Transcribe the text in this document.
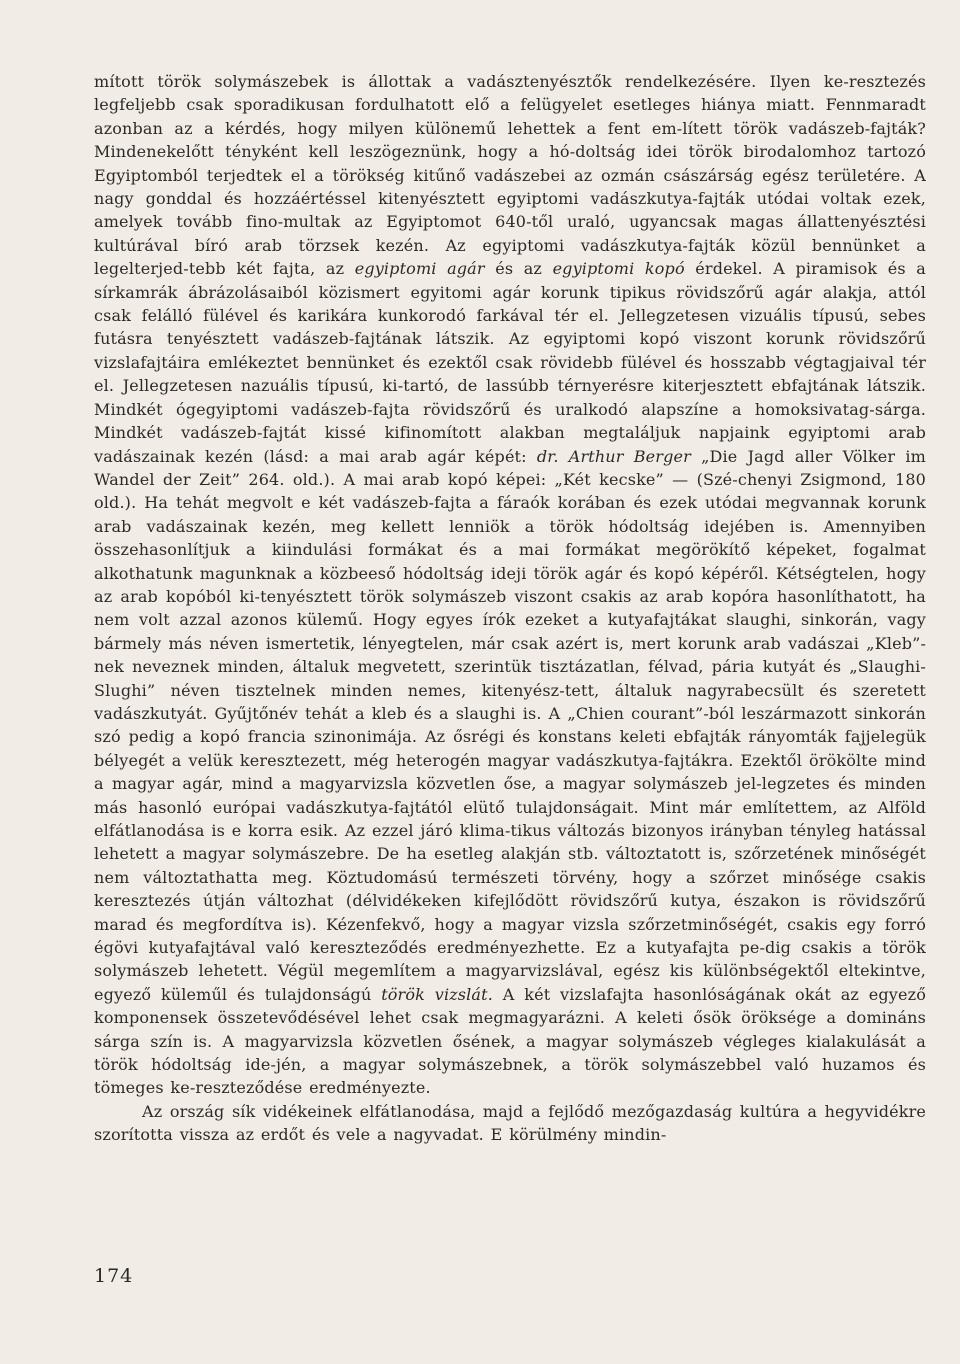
mított török solymászebek is állottak a vadásztenyésztők rendelkezésére. Ilyen ke-resztezés legfeljebb csak sporadikusan fordulhatott elő a felügyelet esetleges hiánya miatt. Fennmaradt azonban az a kérdés, hogy milyen különemű lehettek a fent em-lített török vadászeb-fajták? Mindenekelőtt tényként kell leszögeznünk, hogy a hó-doltság idei török birodalomhoz tartozó Egyiptomból terjedtek el a törökség kitűnő vadászebei az ozmán császárság egész területére. A nagy gonddal és hozzáértéssel kitenyésztett egyiptomi vadászkutya-fajták utódai voltak ezek, amelyek tovább fino-multak az Egyiptomot 640-től uraló, ugyancsak magas állattenyésztési kultúrával bíró arab törzsek kezén. Az egyiptomi vadászkutya-fajták közül bennünket a legelterjed-tebb két fajta, az egyiptomi agár és az egyiptomi kopó érdekel. A piramisok és a sírkamrák ábrázolásaiból közismert egyitomi agár korunk tipikus rövidszőrű agár alakja, attól csak felálló fülével és karikára kunkorodó farkával tér el. Jellegzetesen vizuális típusú, sebes futásra tenyésztett vadászeb-fajtának látszik. Az egyiptomi kopó viszont korunk rövidszőrű vizslafajtáira emlékeztet bennünket és ezektől csak rövidebb fülével és hosszabb végtagjaival tér el. Jellegzetesen nazuális típusú, ki-tartó, de lassúbb térnyerésre kiterjesztett ebfajtának látszik. Mindkét ógegyiptomi vadászeb-fajta rövidszőrű és uralkodó alapszíne a homoksivatag-sárga. Mindkét vadászeb-fajtát kissé kifinomított alakban megtaláljuk napjaink egyiptomi arab vadászainak kezén (lásd: a mai arab agár képét: dr. Arthur Berger „Die Jagd aller Völker im Wandel der Zeit” 264. old.). A mai arab kopó képei: „Két kecske” — (Szé-chenyi Zsigmond, 180 old.). Ha tehát megvolt e két vadászeb-fajta a fáraók korában és ezek utódai megvannak korunk arab vadászainak kezén, meg kellett lenniök a török hódoltság idejében is. Amennyiben összehasonlítjuk a kiindulási formákat és a mai formákat megörökítő képeket, fogalmat alkothatunk magunknak a közbeeső hódoltság ideji török agár és kopó képéről. Kétségtelen, hogy az arab kopóból ki-tenyésztett török solymászeb viszont csakis az arab kopóra hasonlíthatott, ha nem volt azzal azonos külemű. Hogy egyes írók ezeket a kutyafajtákat slaughi, sinkorán, vagy bármely más néven ismertetik, lényegtelen, már csak azért is, mert korunk arab vadászai „Kleb”-nek neveznek minden, általuk megvetett, szerintük tisztázatlan, félvad, pária kutyát és „Slaughi-Slughi” néven tisztelnek minden nemes, kitenyész-tett, általuk nagyrabecsült és szeretett vadászkutyát. Gyűjtőnév tehát a kleb és a slaughi is. A „Chien courant”-ból leszármazott sinkorán szó pedig a kopó francia szinonimája. Az ősrégi és konstans keleti ebfajták rányomták fajjelegük bélyegét a velük keresztezett, még heterogén magyar vadászkutya-fajtákra. Ezektől örökölte mind a magyar agár, mind a magyarvizsla közvetlen őse, a magyar solymászeb jel-legzetes és minden más hasonló európai vadászkutya-fajtától elütő tulajdonságait. Mint már említettem, az Alföld elfátlanodása is e korra esik. Az ezzel járó klima-tikus változás bizonyos irányban tényleg hatással lehetett a magyar solymászebre. De ha esetleg alakján stb. változtatott is, szőrzetének minőségét nem változtathatta meg. Köztudomású természeti törvény, hogy a szőrzet minősége csakis keresztezés útján változhat (délvidékeken kifejlődött rövidszőrű kutya, északon is rövidszőrű marad és megfordítva is). Kézenfekvő, hogy a magyar vizsla szőrzetminőségét, csakis egy forró égövi kutyafajtával való kereszteződés eredményezhette. Ez a kutyafajta pe-dig csakis a török solymászeb lehetett. Végül megemlítem a magyarvizslával, egész kis különbségektől eltekintve, egyező küleműl és tulajdonságú török vizslát. A két vizslafajta hasonlóságának okát az egyező komponensek összetevődésével lehet csak megmagyarázni. A keleti ősök öröksége a domináns sárga szín is. A magyarvizsla közvetlen ősének, a magyar solymászeb végleges kialakulását a török hódoltság ide-jén, a magyar solymászebnek, a török solymászebbel való huzamos és tömeges ke-reszteződése eredményezte.

Az ország sík vidékeinek elfátlanodása, majd a fejlődő mezőgazdaság kultúra a hegyvidékre szorította vissza az erdőt és vele a nagyvadat. E körülmény mindin-

174
